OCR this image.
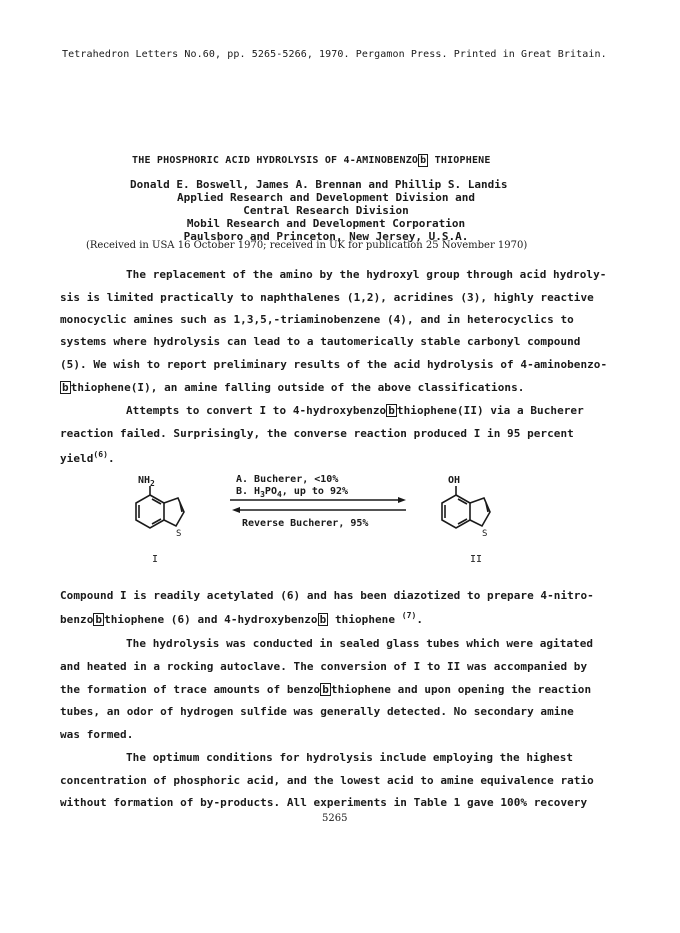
Tetrahedron Letters No.60, pp. 5265-5266, 1970. Pergamon Press. Printed in Great Britain.
THE PHOSPHORIC ACID HYDROLYSIS OF 4-AMINOBENZO b THIOPHENE
Donald E. Boswell, James A. Brennan and Phillip S. Landis
Applied Research and Development Division and
Central Research Division
Mobil Research and Development Corporation
Paulsboro and Princeton, New Jersey, U.S.A.
(Received in USA 16 October 1970; received in UK for publication 25 November 1970)
The replacement of the amino by the hydroxyl group through acid hydroly-
sis is limited practically to naphthalenes (1,2), acridines (3), highly reactive
monocyclic amines such as 1,3,5,-triaminobenzene (4), and in heterocyclics to
systems where hydrolysis can lead to a tautomerically stable carbonyl compound
(5). We wish to report preliminary results of the acid hydrolysis of 4-aminobenzo-
b thiophene(I), an amine falling outside of the above classifications.
Attempts to convert I to 4-hydroxybenzo b thiophene(II) via a Bucherer
reaction failed. Surprisingly, the converse reaction produced I in 95 percent
yield$^{(6)}$.
$NH_2$
S
I
A. Bucherer, <10%
B. $H_3PO_4$, up to 92%
Reverse Bucherer, 95%
OH
S
II
Compound I is readily acetylated (6) and has been diazotized to prepare 4-nitro-
benzo b thiophene (6) and 4-hydroxybenzo b thiophene $^{(7)}$.
The hydrolysis was conducted in sealed glass tubes which were agitated
and heated in a rocking autoclave. The conversion of I to II was accompanied by
the formation of trace amounts of benzo b thiophene and upon opening the reaction
tubes, an odor of hydrogen sulfide was generally detected. No secondary amine
was formed.
The optimum conditions for hydrolysis include employing the highest
concentration of phosphoric acid, and the lowest acid to amine equivalence ratio
without formation of by-products. All experiments in Table 1 gave 100% recovery
5265
